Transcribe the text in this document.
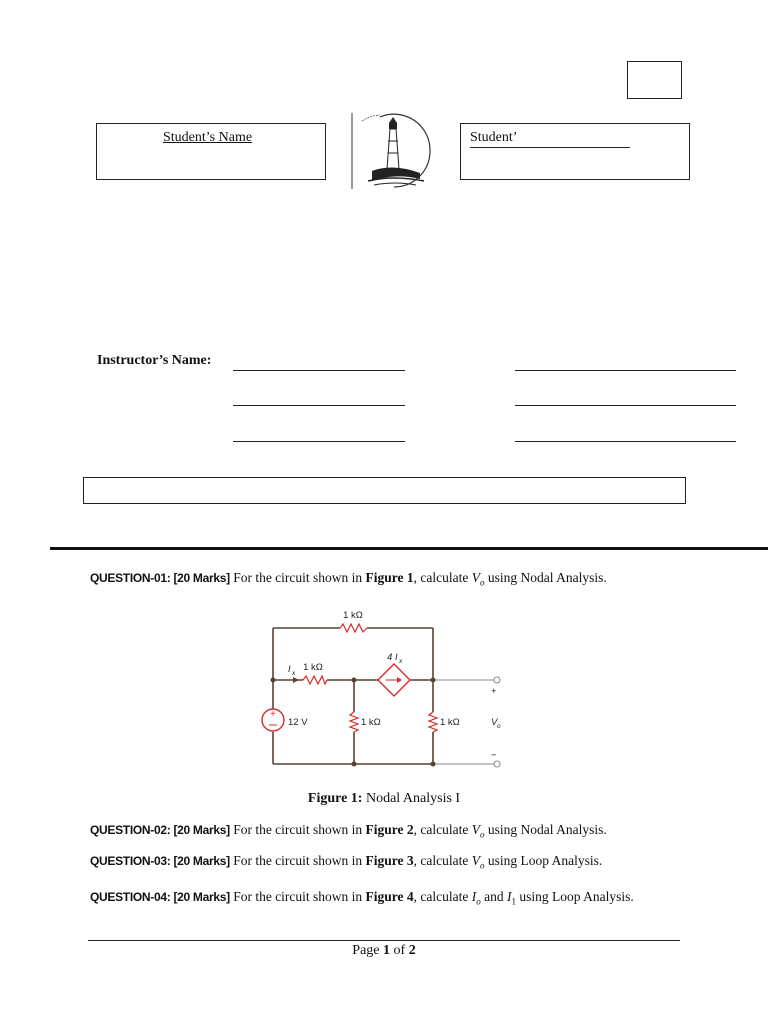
Student’s Name	Student’
Instructor’s Name:
QUESTION-01: [20 Marks] For the circuit shown in Figure 1, calculate $V_o$ using Nodal Analysis.
+
1 kΩ
1 kΩ
1 kΩ	1 kΩ
12 V
4 I x
I x
+
−
V o
Figure 1: Nodal Analysis I
QUESTION-02: [20 Marks] For the circuit shown in Figure 2, calculate $V_o$ using Nodal Analysis.
QUESTION-03: [20 Marks] For the circuit shown in Figure 3, calculate $V_o$ using Loop Analysis.
QUESTION-04: [20 Marks] For the circuit shown in Figure 4, calculate $I_o$ and $I_1$ using Loop Analysis.
Page 1 of 2
